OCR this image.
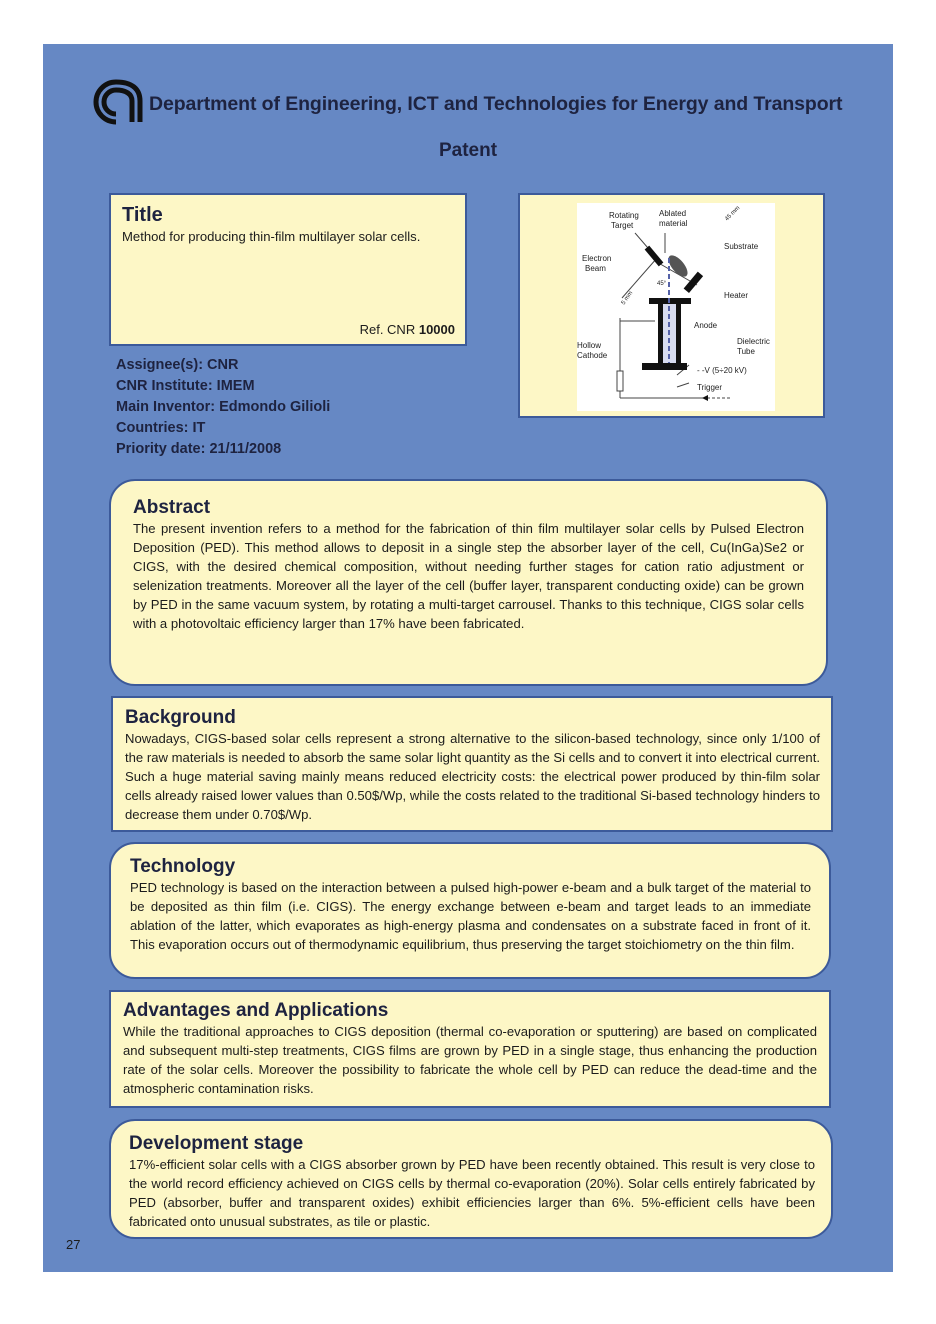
Department of Engineering, ICT and Technologies for Energy and Transport
Patent
Title

Method for producing thin-film multilayer solar cells.

Ref. CNR 10000
Rotating
Target
Ablated
material
Substrate
Electron
Beam
Heater
Anode
Dielectric
Tube
Hollow
Cathode
- -V (5÷20 kV)
Trigger
45°
45 mm
5 mm
Assignee(s): CNR
CNR Institute: IMEM
Main Inventor: Edmondo Gilioli
Countries: IT
Priority date: 21/11/2008
Abstract

The present invention refers to a method for the fabrication of thin film multilayer solar cells by Pulsed Electron Deposition (PED). This method allows to deposit in a single step the absorber layer of the cell, Cu(InGa)Se2 or CIGS, with the desired chemical composition, without needing further stages for cation ratio adjustment or selenization treatments. Moreover all the layer of the cell (buffer layer, transparent conducting oxide) can be grown by PED in the same vacuum system, by rotating a multi-target carrousel. Thanks to this technique, CIGS solar cells with a photovoltaic efficiency larger than 17% have been fabricated.

Background

Nowadays, CIGS-based solar cells represent a strong alternative to the silicon-based technology, since only 1/100 of the raw materials is needed to absorb the same solar light quantity as the Si cells and to convert it into electrical current. Such a huge material saving mainly means reduced electricity costs: the electrical power produced by thin-film solar cells already raised lower values than 0.50$/Wp, while the costs related to the traditional Si-based technology hinders to decrease them under 0.70$/Wp.

Technology

PED technology is based on the interaction between a pulsed high-power e-beam and a bulk target of the material to be deposited as thin film (i.e. CIGS). The energy exchange between e-beam and target leads to an immediate ablation of the latter, which evaporates as high-energy plasma and condensates on a substrate faced in front of it. This evaporation occurs out of thermodynamic equilibrium, thus preserving the target stoichiometry on the thin film.

Advantages and Applications

While the traditional approaches to CIGS deposition (thermal co-evaporation or sputtering) are based on complicated and subsequent multi-step treatments, CIGS films are grown by PED in a single stage, thus enhancing the production rate of the solar cells. Moreover the possibility to fabricate the whole cell by PED can reduce the dead-time and the atmospheric contamination risks.

Development stage

17%-efficient solar cells with a CIGS absorber grown by PED have been recently obtained. This result is very close to the world record efficiency achieved on CIGS cells by thermal co-evaporation (20%). Solar cells entirely fabricated by PED (absorber, buffer and transparent oxides) exhibit efficiencies larger than 6%. 5%-efficient cells have been fabricated onto unusual substrates, as tile or plastic.

27
